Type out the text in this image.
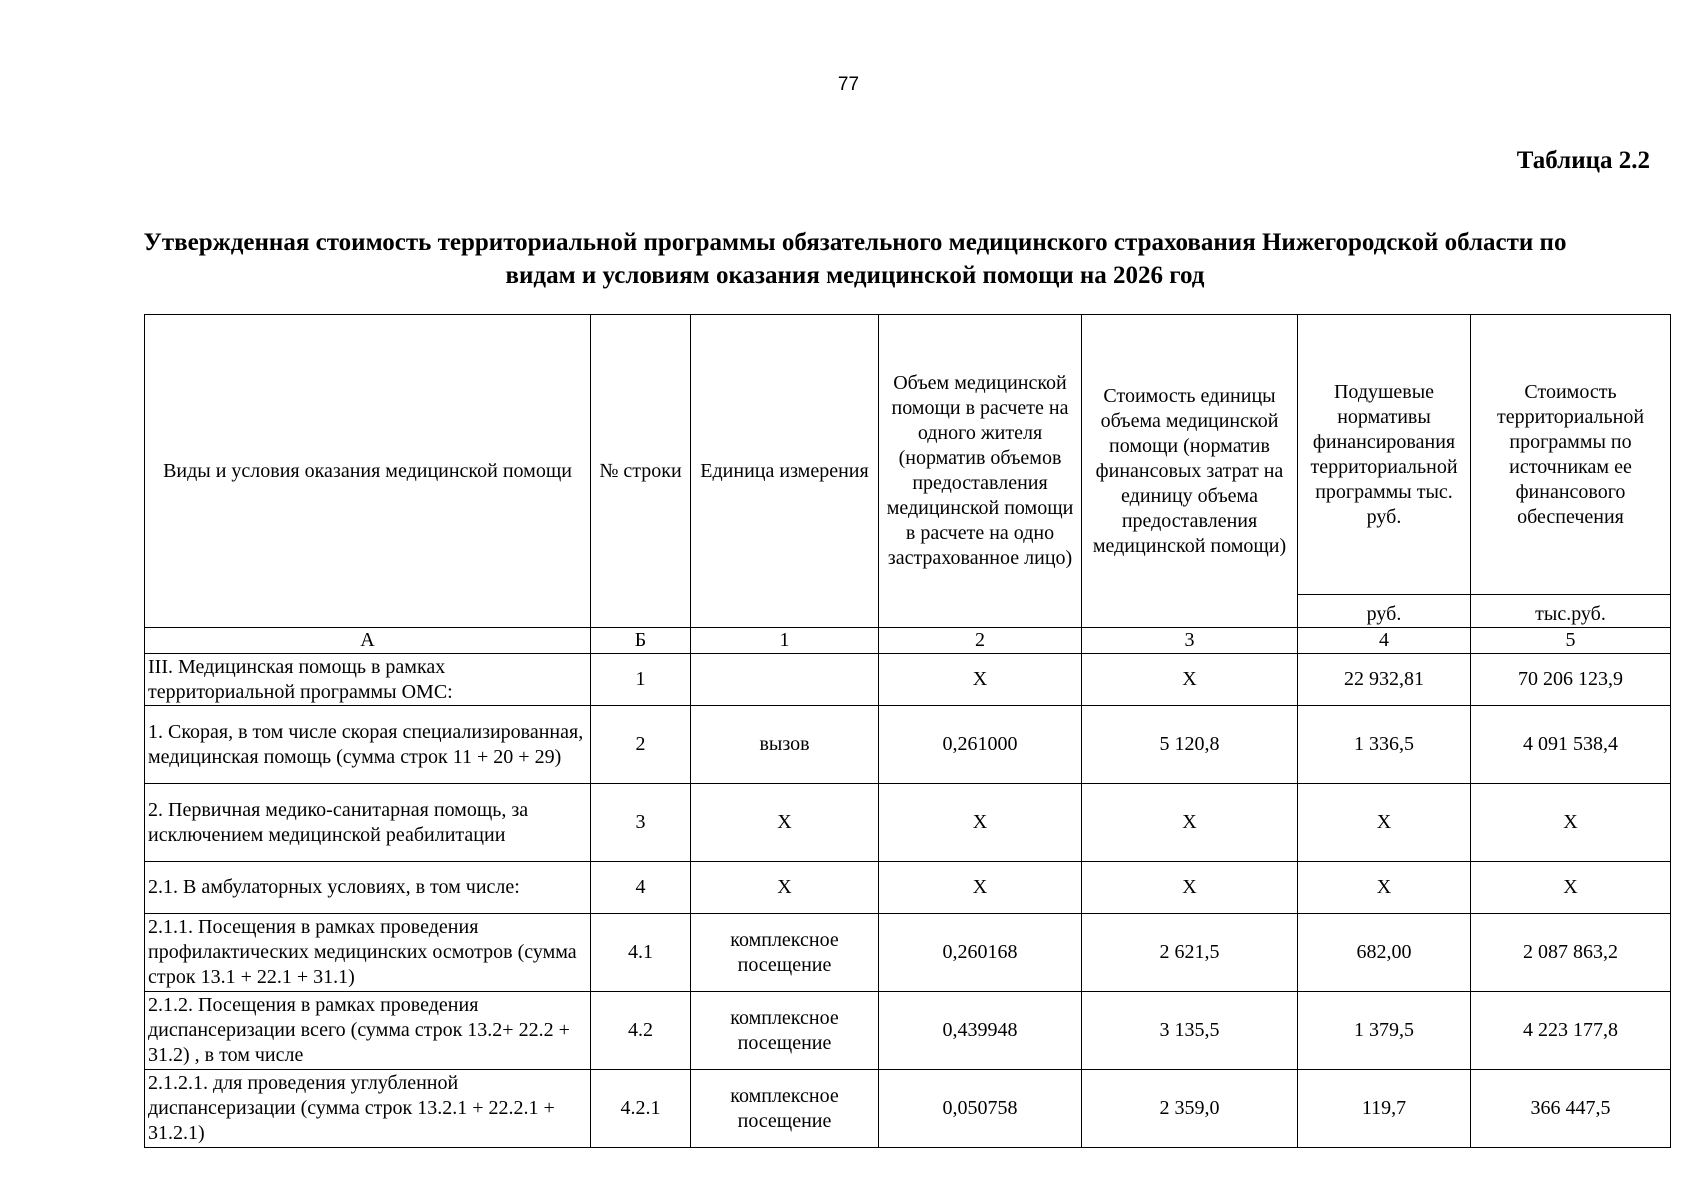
77
Таблица 2.2
Утвержденная стоимость территориальной программы обязательного медицинского страхования Нижегородской области по видам и условиям оказания медицинской помощи на 2026 год
Виды и условия оказания медицинской помощи	№ строки	Единица измерения	Объем медицинской помощи в расчете на одного жителя (норматив объемов предоставления медицинской помощи в расчете на одно застрахованное лицо)	Стоимость единицы объема медицинской помощи (норматив финансовых затрат на единицу объема предоставления медицинской помощи)	Подушевые нормативы финансирования территориальной программы тыс. руб.	Стоимость территориальной программы по источникам ее финансового обеспечения
					руб.	тыс.руб.
А	Б	1	2	3	4	5
III. Медицинская помощь в рамках территориальной программы ОМС:	1		Х	Х	22 932,81	70 206 123,9
1. Скорая, в том числе скорая специализированная, медицинская помощь (сумма строк 11 + 20 + 29)	2	вызов	0,261000	5 120,8	1 336,5	4 091 538,4
2. Первичная медико-санитарная помощь, за исключением медицинской реабилитации	3	Х	Х	Х	Х	Х
2.1. В амбулаторных условиях, в том числе:	4	Х	Х	Х	Х	Х
2.1.1. Посещения в рамках проведения профилактических медицинских осмотров (сумма строк 13.1 + 22.1 + 31.1)	4.1	комплексное посещение	0,260168	2 621,5	682,00	2 087 863,2
2.1.2. Посещения в рамках проведения диспансеризации всего (сумма строк 13.2+ 22.2 + 31.2) , в том числе	4.2	комплексное посещение	0,439948	3 135,5	1 379,5	4 223 177,8
2.1.2.1. для проведения углубленной диспансеризации (сумма строк 13.2.1 + 22.2.1 + 31.2.1)	4.2.1	комплексное посещение	0,050758	2 359,0	119,7	366 447,5
